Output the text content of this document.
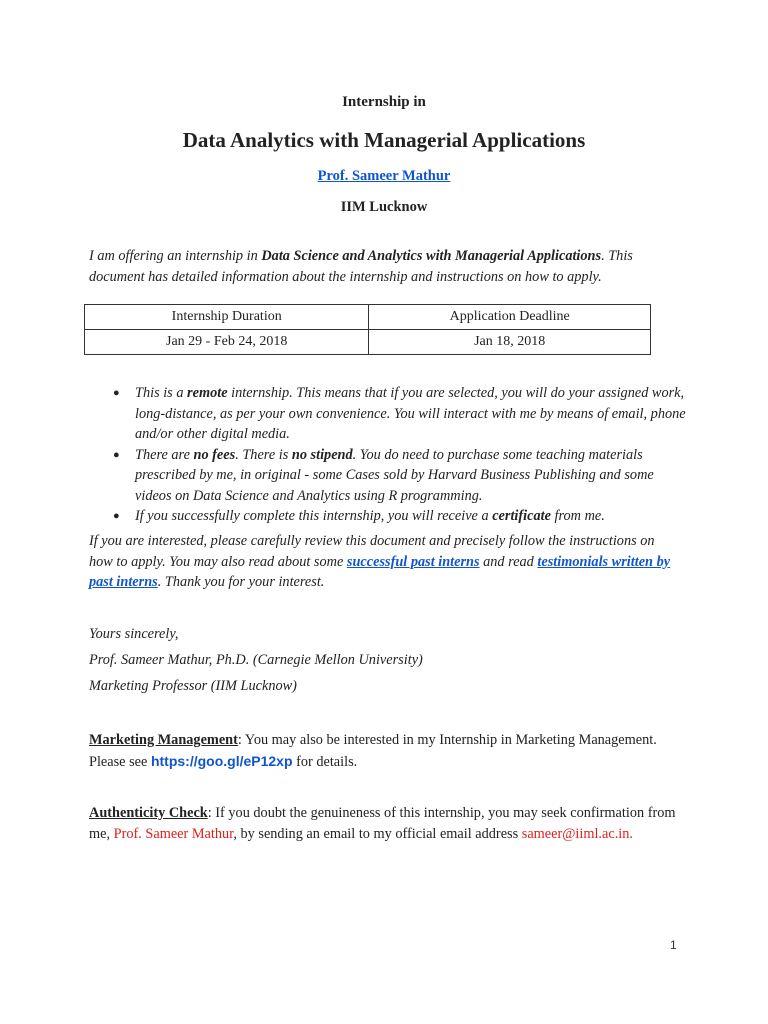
Internship in
Data Analytics with Managerial Applications
Prof. Sameer Mathur
IIM Lucknow
I am offering an internship in Data Science and Analytics with Managerial Applications. This document has detailed information about the internship and instructions on how to apply.
Internship Duration	Application Deadline
Jan 29 - Feb 24, 2018	Jan 18, 2018
● This is a remote internship. This means that if you are selected, you will do your assigned work, long-distance, as per your own convenience. You will interact with me by means of email, phone and/or other digital media.
● There are no fees. There is no stipend. You do need to purchase some teaching materials prescribed by me, in original - some Cases sold by Harvard Business Publishing and some videos on Data Science and Analytics using R programming.
● If you successfully complete this internship, you will receive a certificate from me.
If you are interested, please carefully review this document and precisely follow the instructions on how to apply. You may also read about some successful past interns and read testimonials written by past interns. Thank you for your interest.
Yours sincerely,
Prof. Sameer Mathur, Ph.D. (Carnegie Mellon University)
Marketing Professor (IIM Lucknow)
Marketing Management: You may also be interested in my Internship in Marketing Management. Please see https://goo.gl/eP12xp for details.
Authenticity Check: If you doubt the genuineness of this internship, you may seek confirmation from me, Prof. Sameer Mathur, by sending an email to my official email address sameer@iiml.ac.in.
1
